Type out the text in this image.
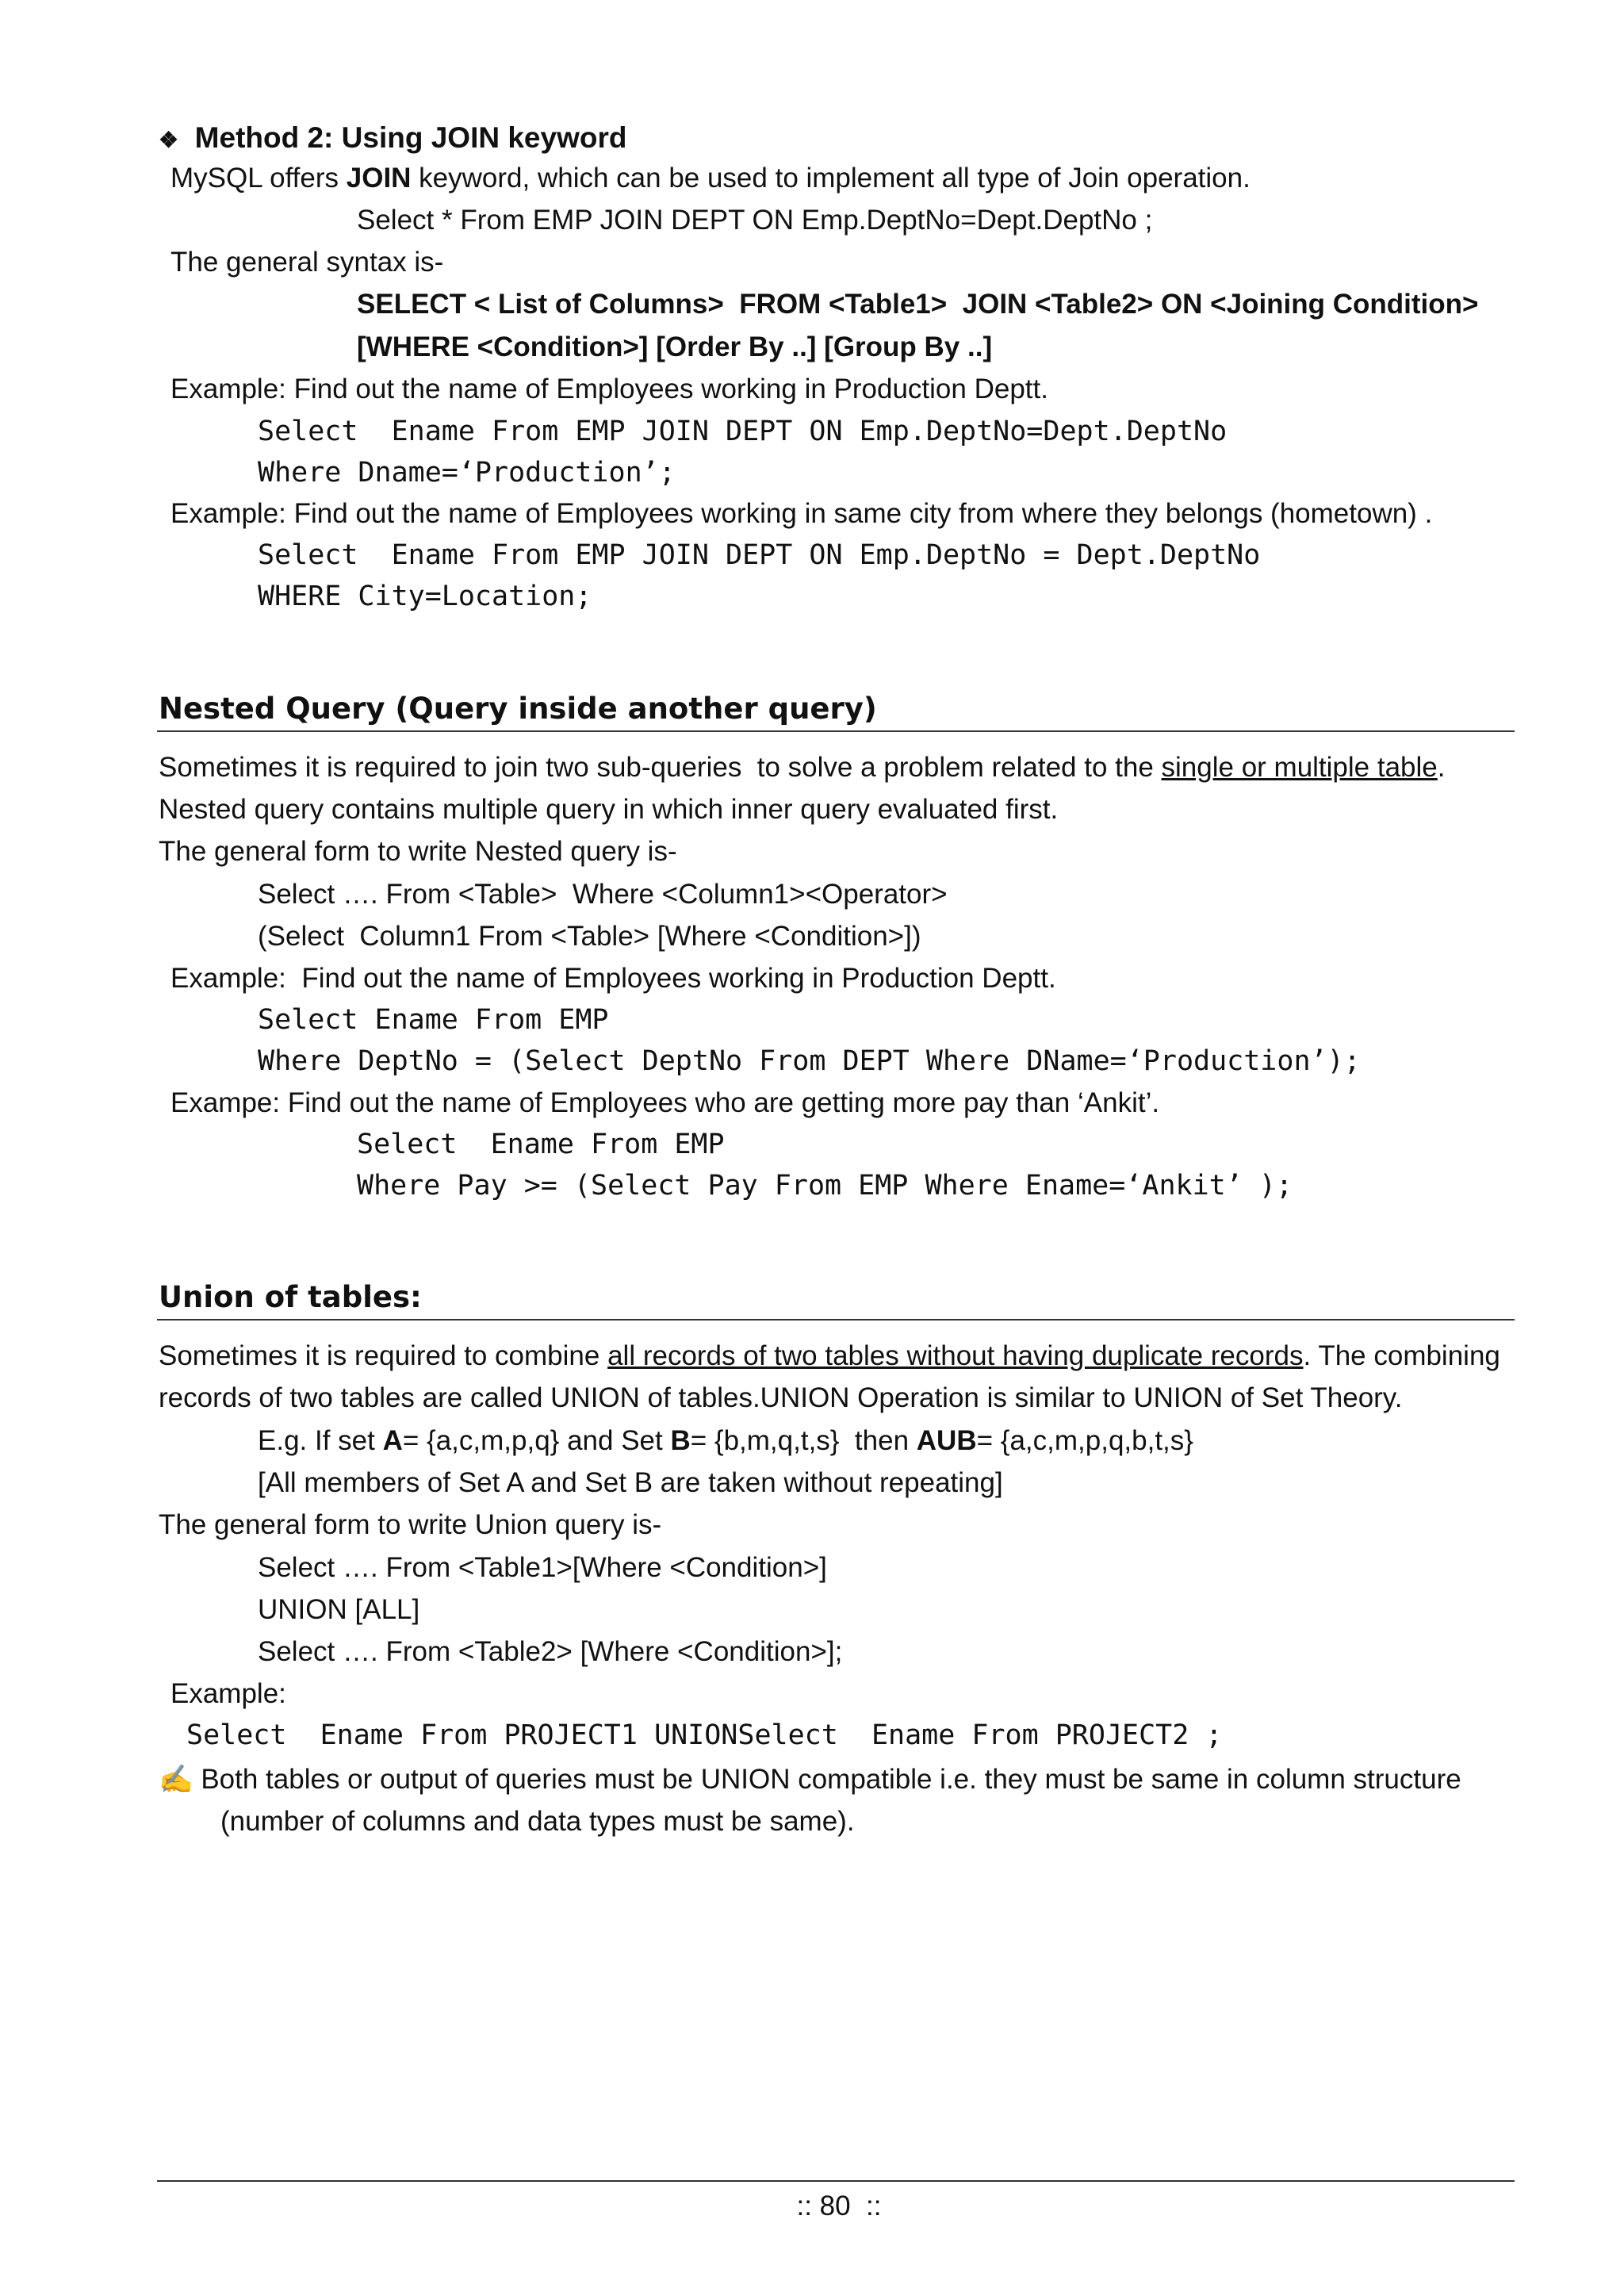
❖ Method 2: Using JOIN keyword
MySQL offers JOIN keyword, which can be used to implement all type of Join operation.
Select * From EMP JOIN DEPT ON Emp.DeptNo=Dept.DeptNo ;
The general syntax is-
SELECT < List of Columns>  FROM <Table1>  JOIN <Table2> ON <Joining Condition>
[WHERE <Condition>] [Order By ..] [Group By ..]
Example: Find out the name of Employees working in Production Deptt.
Select  Ename From EMP JOIN DEPT ON Emp.DeptNo=Dept.DeptNo
Where Dname=‘Production’;
Example: Find out the name of Employees working in same city from where they belongs (hometown) .
Select  Ename From EMP JOIN DEPT ON Emp.DeptNo = Dept.DeptNo
WHERE City=Location;
Nested Query (Query inside another query)
Sometimes it is required to join two sub-queries  to solve a problem related to the single or multiple table.
Nested query contains multiple query in which inner query evaluated first.
The general form to write Nested query is-
Select …. From <Table>  Where <Column1><Operator>
(Select  Column1 From <Table> [Where <Condition>])
Example:  Find out the name of Employees working in Production Deptt.
Select Ename From EMP
Where DeptNo = (Select DeptNo From DEPT Where DName=‘Production’);
Exampe: Find out the name of Employees who are getting more pay than ‘Ankit’.
Select  Ename From EMP
Where Pay >= (Select Pay From EMP Where Ename=‘Ankit’ );
Union of tables:
Sometimes it is required to combine all records of two tables without having duplicate records. The combining
records of two tables are called UNION of tables.UNION Operation is similar to UNION of Set Theory.
E.g. If set A= {a,c,m,p,q} and Set B= {b,m,q,t,s}  then AUB= {a,c,m,p,q,b,t,s}
[All members of Set A and Set B are taken without repeating]
The general form to write Union query is-
Select …. From <Table1>[Where <Condition>]
UNION [ALL]
Select …. From <Table2> [Where <Condition>];
Example:
Select  Ename From PROJECT1 UNIONSelect  Ename From PROJECT2 ;
✍ Both tables or output of queries must be UNION compatible i.e. they must be same in column structure
(number of columns and data types must be same).
:: 80  ::
